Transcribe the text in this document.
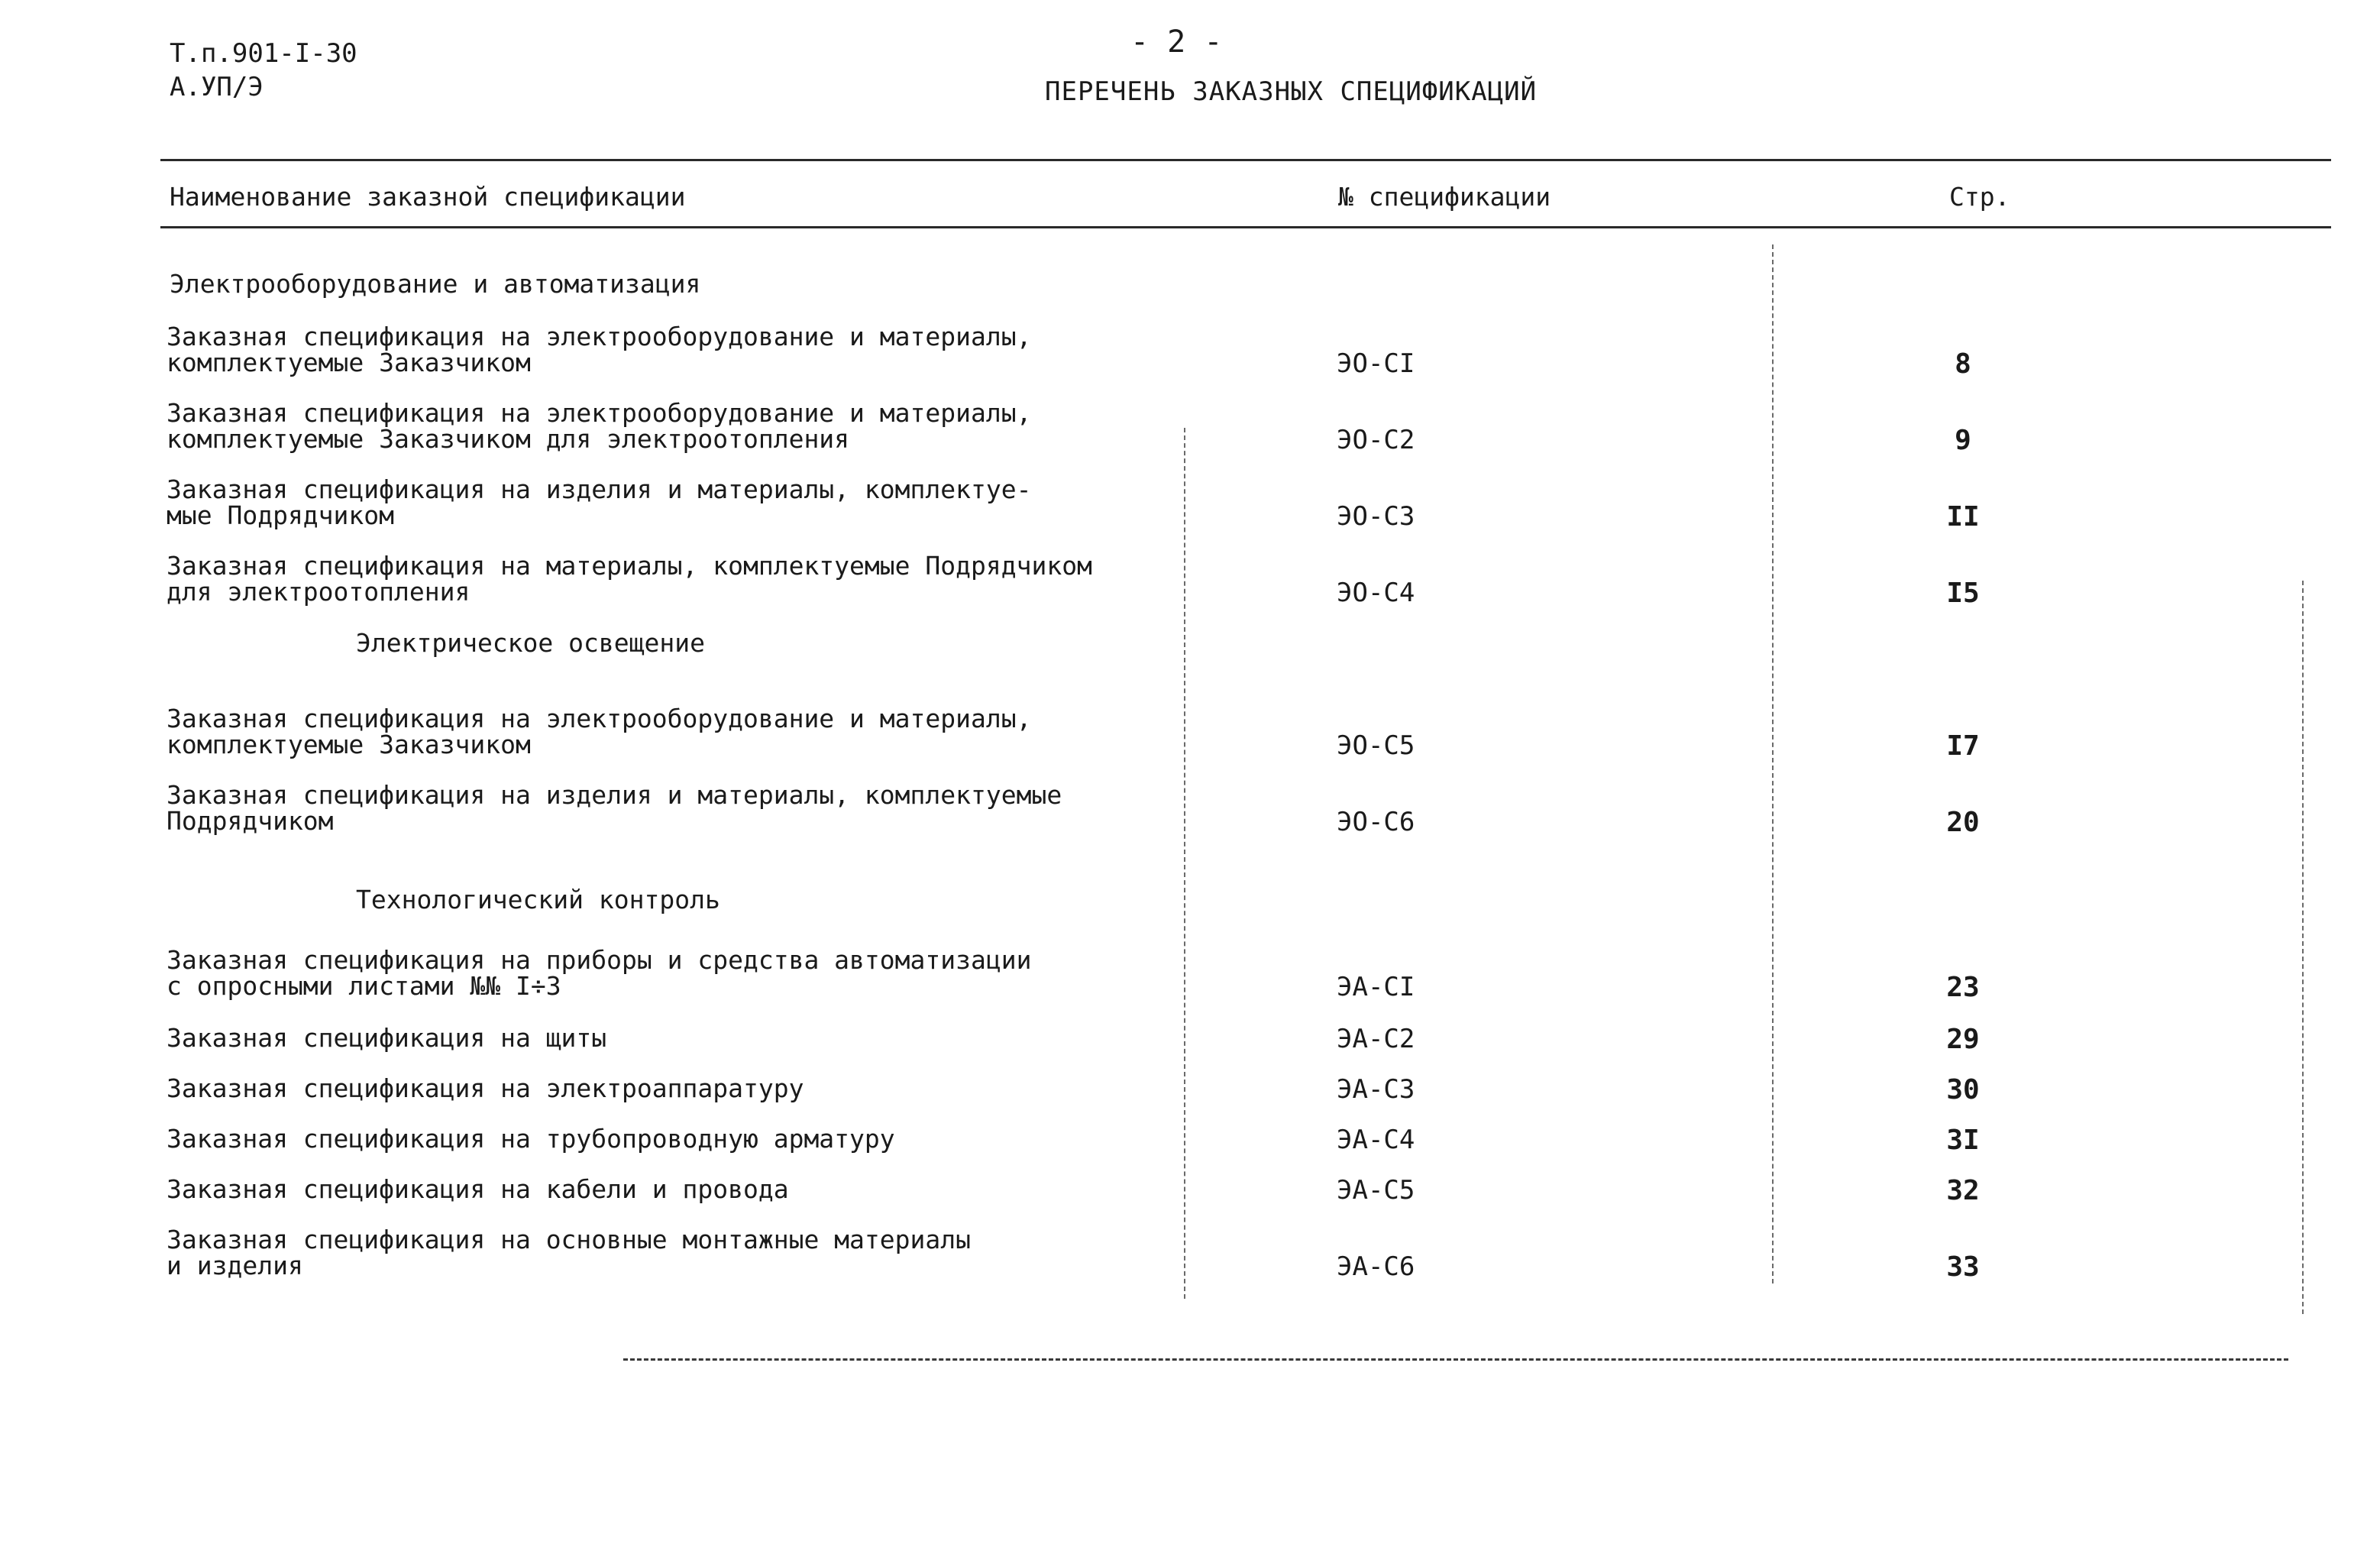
Т.п.901-I-30
А.УП/Э
- 2 -
ПЕРЕЧЕНЬ ЗАКАЗНЫХ СПЕЦИФИКАЦИЙ
Наименование заказной спецификации	№ спецификации	Стр.
Электрооборудование и автоматизация
Заказная спецификация на электрооборудование и материалы,
комплектуемые Заказчиком	ЭО-СI	8
Заказная спецификация на электрооборудование и материалы,
комплектуемые Заказчиком для электроотопления	ЭО-С2	9
Заказная спецификация на изделия и материалы, комплектуе-
мые Подрядчиком	ЭО-С3	II
Заказная спецификация на материалы, комплектуемые Подрядчиком
для электроотопления	ЭО-С4	I5
Электрическое освещение
Заказная спецификация на электрооборудование и материалы,
комплектуемые Заказчиком	ЭО-С5	I7
Заказная спецификация на изделия и материалы, комплектуемые
Подрядчиком	ЭО-С6	20
Технологический контроль
Заказная спецификация на приборы и средства автоматизации
с опросными листами №№ I÷3	ЭА-СI	23
Заказная спецификация на щиты	ЭА-С2	29
Заказная спецификация на электроаппаратуру	ЭА-С3	30
Заказная спецификация на трубопроводную арматуру	ЭА-С4	3I
Заказная спецификация на кабели и провода	ЭА-С5	32
Заказная спецификация на основные монтажные материалы
и изделия	ЭА-С6	33
